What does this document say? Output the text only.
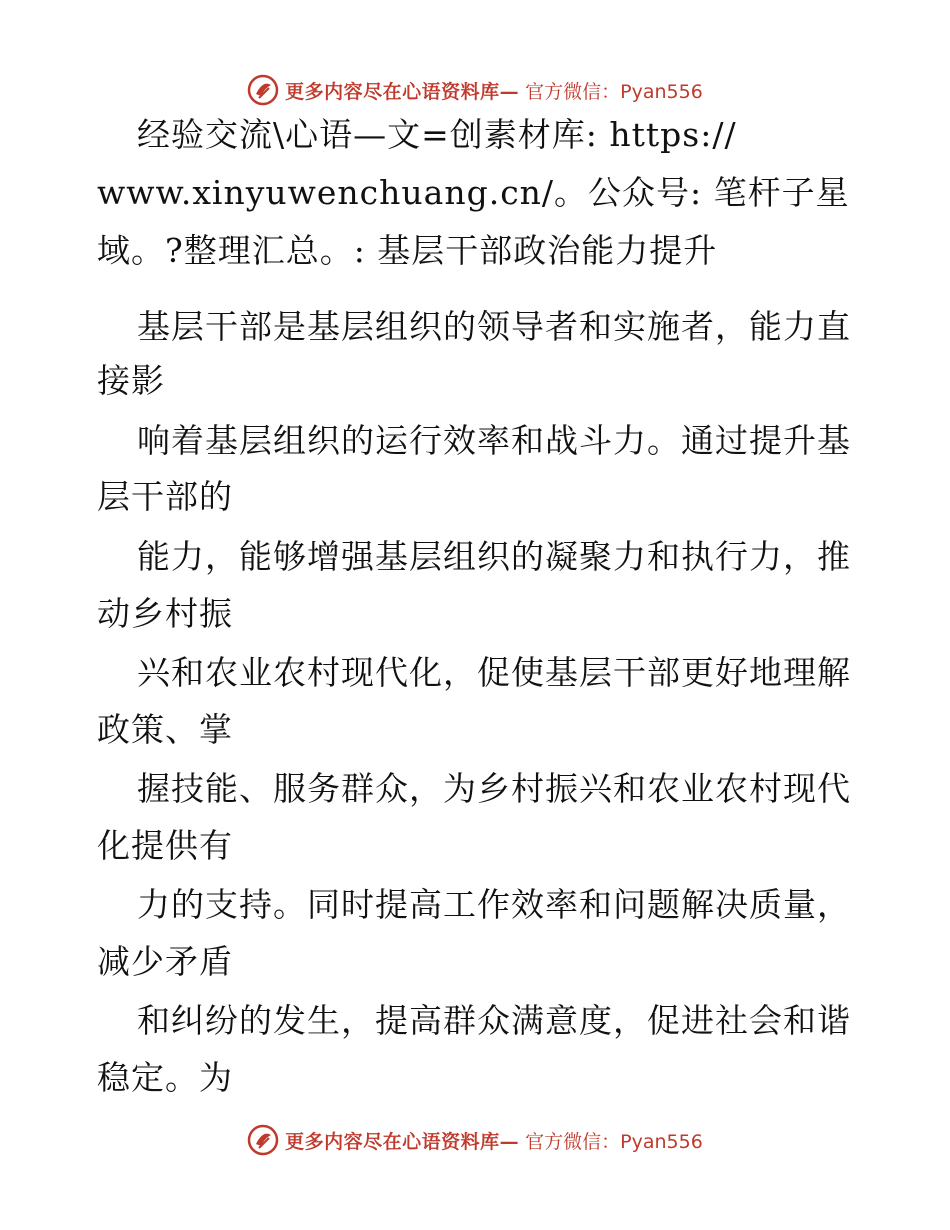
更多内容尽在心语资料库— 官方微信：Pyan556
经验交流\心语—文=创素材库: https://
www.xinyuwenchuang.cn/。公众号: 笔杆子星
域。?整理汇总。: 基层干部政治能力提升
基层干部是基层组织的领导者和实施者，能力直
接影
响着基层组织的运行效率和战斗力。通过提升基
层干部的
能力，能够增强基层组织的凝聚力和执行力，推
动乡村振
兴和农业农村现代化，促使基层干部更好地理解
政策、掌
握技能、服务群众，为乡村振兴和农业农村现代
化提供有
力的支持。同时提高工作效率和问题解决质量，
减少矛盾
和纠纷的发生，提高群众满意度，促进社会和谐
稳定。为
更多内容尽在心语资料库— 官方微信：Pyan556
